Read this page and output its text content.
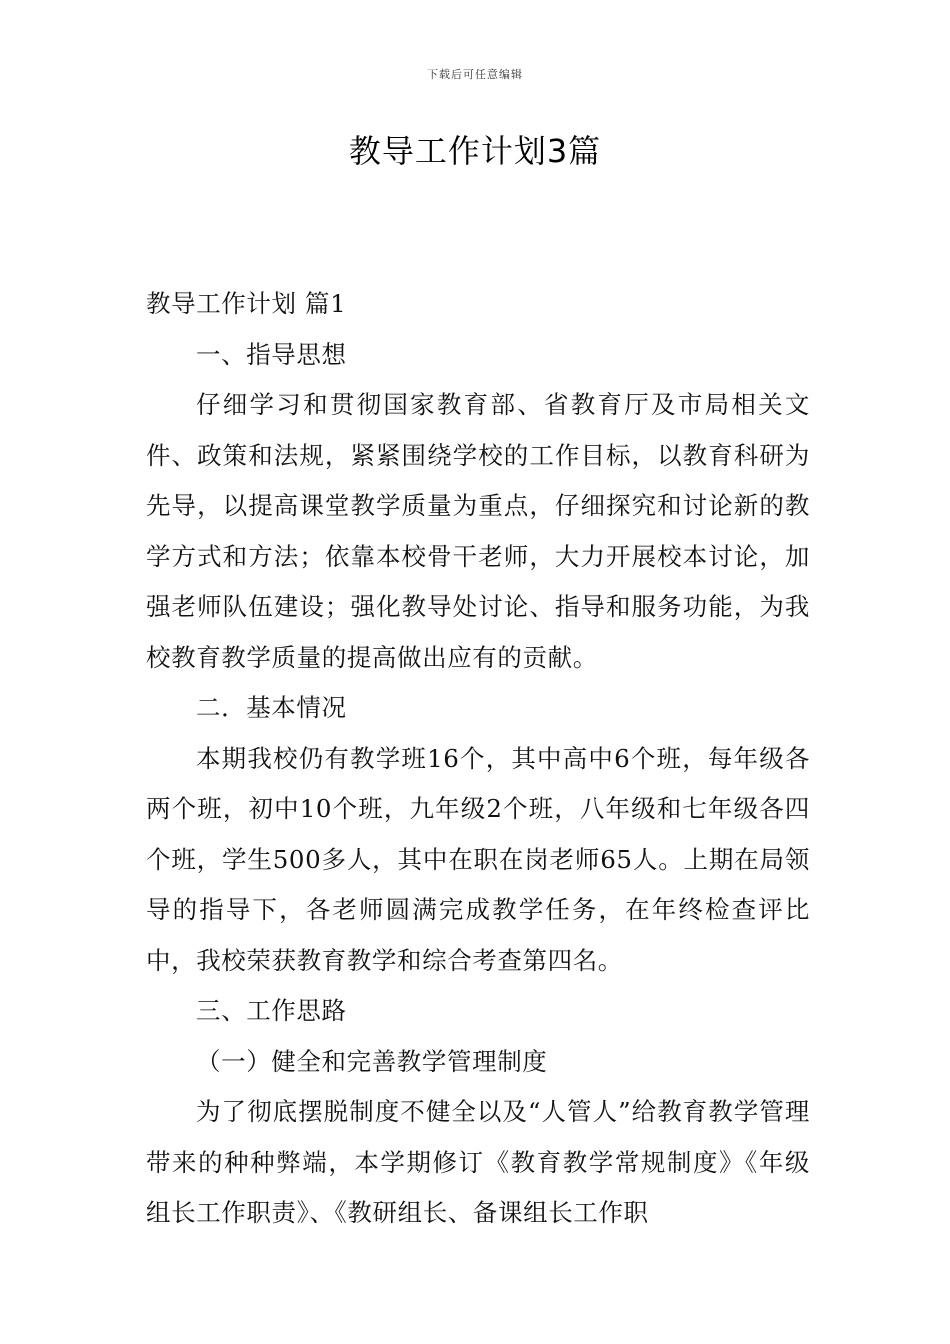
下载后可任意编辑
教导工作计划3篇

教导工作计划 篇1

一、指导思想

仔细学习和贯彻国家教育部、省教育厅及市局相关文件、政策和法规，紧紧围绕学校的工作目标，以教育科研为先导，以提高课堂教学质量为重点，仔细探究和讨论新的教学方式和方法；依靠本校骨干老师，大力开展校本讨论，加强老师队伍建设；强化教导处讨论、指导和服务功能，为我校教育教学质量的提高做出应有的贡献。

二．基本情况

本期我校仍有教学班16个，其中高中6个班，每年级各两个班，初中10个班，九年级2个班，八年级和七年级各四个班，学生500多人，其中在职在岗老师65人。上期在局领导的指导下，各老师圆满完成教学任务，在年终检查评比中，我校荣获教育教学和综合考查第四名。

三、工作思路

（一）健全和完善教学管理制度

为了彻底摆脱制度不健全以及“人管人”给教育教学管理带来的种种弊端，本学期修订《教育教学常规制度》《年级组长工作职责》、《教研组长、备课组长工作职
